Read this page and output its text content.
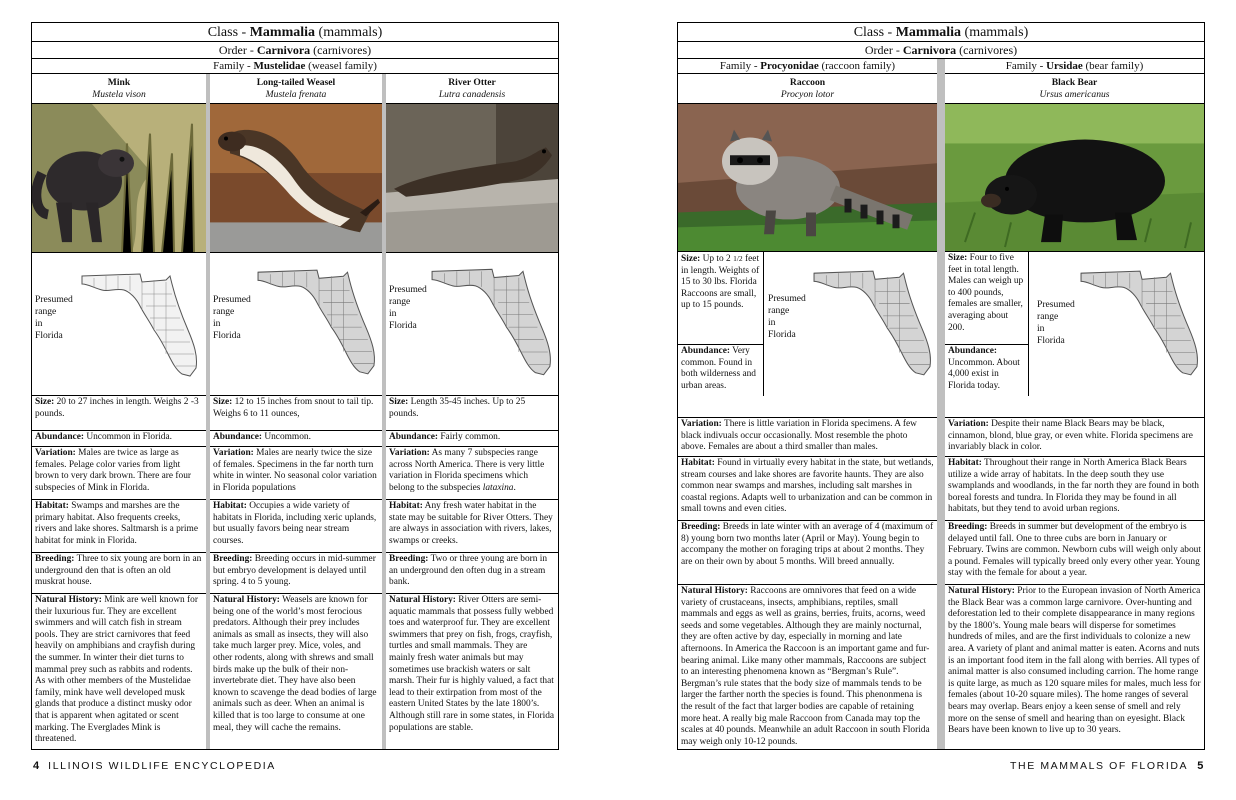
Class - Mammalia (mammals)
Order - Carnivora (carnivores)
Family - Mustelidae (weasel family)
Mink
Mustela vison
Presumed
range
in
Florida
Size: 20 to 27 inches in length. Weighs 2 -3 pounds.
Abundance: Uncommon in Florida.
Variation: Males are twice as large as females. Pelage color varies from light brown to very dark brown. There are four subspecies of Mink in Florida.
Habitat: Swamps and marshes are the primary habitat. Also frequents creeks, rivers and lake shores. Saltmarsh is a prime habitat for mink in Florida.
Breeding: Three to six young are born in an underground den that is often an old muskrat house.
Natural History: Mink are well known for their luxurious fur. They are excellent swimmers and will catch fish in stream pools. They are strict carnivores that feed heavily on amphibians and crayfish during the summer. In winter their diet turns to mammal prey such as rabbits and rodents. As with other members of the Mustelidae family, mink have well developed musk glands that produce a distinct musky odor that is apparent when agitated or scent marking. The Everglades Mink is threatened.
Long-tailed Weasel
Mustela frenata
Presumed
range
in
Florida
Size: 12 to 15 inches from snout to tail tip. Weighs 6 to 11 ounces,
Abundance: Uncommon.
Variation: Males are nearly twice the size of females. Specimens in the far north turn white in winter. No seasonal color variation in Florida populations
Habitat: Occupies a wide variety of habitats in Florida, including xeric uplands, but usually favors being near stream courses.
Breeding: Breeding occurs in mid-summer but embryo development is delayed until spring. 4 to 5 young.
Natural History: Weasels are known for being one of the world’s most ferocious predators. Although their prey includes animals as small as insects, they will also take much larger prey. Mice, voles, and other rodents, along with shrews and small birds make up the bulk of their non-invertebrate diet. They have also been known to scavenge the dead bodies of large animals such as deer. When an animal is killed that is too large to consume at one meal, they will cache the remains.
River Otter
Lutra canadensis
Presumed
range
in
Florida
Size: Length 35-45 inches. Up to 25 pounds.
Abundance: Fairly common.
Variation: As many 7 subspecies range across North America. There is very little variation in Florida specimens which belong to the subspecies lataxina.
Habitat: Any fresh water habitat in the state may be suitable for River Otters. They are always in association with rivers, lakes, swamps or creeks.
Breeding: Two or three young are born in an underground den often dug in a stream bank.
Natural History: River Otters are semi-aquatic mammals that possess fully webbed toes and waterproof fur. They are excellent swimmers that prey on fish, frogs, crayfish, turtles and small mammals. They are mainly fresh water animals but may sometimes use brackish waters or salt marsh. Their fur is highly valued, a fact that lead to their extirpation from most of the eastern United States by the late 1800’s. Although still rare in some states, in Florida populations are stable.
4 ILLINOIS WILDLIFE ENCYCLOPEDIA
Class - Mammalia (mammals)
Order - Carnivora (carnivores)
Family - Procyonidae (raccoon family)
Raccoon
Procyon lotor
Size: Up to 2 1/2 feet in length. Weights of 15 to 30 lbs. Florida Raccoons are small, up to 15 pounds.
Abundance: Very common. Found in both wilderness and urban areas.
Presumed
range
in
Florida
Variation: There is little variation in Florida specimens. A few black indivuals occur occasionally. Most resemble the photo above. Females are about a third smaller than males.
Habitat: Found in virtually every habitat in the state, but wetlands, stream courses and lake shores are favorite haunts. They are also common near swamps and marshes, including salt marshes in coastal regions. Adapts well to urbanization and can be common in small towns and even cities.
Breeding: Breeds in late winter with an average of 4 (maximum of 8) young born two months later (April or May). Young begin to accompany the mother on foraging trips at about 2 months. They are on their own by about 5 months. Will breed annually.
Natural History: Raccoons are omnivores that feed on a wide variety of crustaceans, insects, amphibians, reptiles, small mammals and eggs as well as grains, berries, fruits, acorns, weed seeds and some vegetables. Although they are mainly nocturnal, they are often active by day, especially in morning and late afternoons. In America the Raccoon is an important game and fur-bearing animal. Like many other mammals, Raccoons are subject to an interesting phenomena known as “Bergman’s Rule”. Bergman’s rule states that the body size of mammals tends to be larger the farther north the species is found. This phenonmena is the result of the fact that larger bodies are capable of retaining more heat. A really big male Raccoon from Canada may top the scales at 40 pounds. Meanwhile an adult Raccoon in south Florida may weigh only 10-12 pounds.
Family - Ursidae (bear family)
Black Bear
Ursus americanus
Size: Four to five feet in total length. Males can weigh up to 400 pounds, females are smaller, averaging about 200.
Abundance: Uncommon. About 4,000 exist in Florida today.
Presumed
range
in
Florida
Variation: Despite their name Black Bears may be black, cinnamon, blond, blue gray, or even white. Florida specimens are invariably black in color.
Habitat: Throughout their range in North America Black Bears utilize a wide array of habitats. In the deep south they use swamplands and woodlands, in the far north they are found in both boreal forests and tundra. In Florida they may be found in all habitats, but they tend to avoid urban regions.
Breeding: Breeds in summer but development of the embryo is delayed until fall. One to three cubs are born in January or February. Twins are common. Newborn cubs will weigh only about a pound. Females will typically breed only every other year. Young stay with the female for about a year.
Natural History: Prior to the European invasion of North America the Black Bear was a common large carnivore. Over-hunting and deforestation led to their complete disappearance in many regions by the 1800’s. Young male bears will disperse for sometimes hundreds of miles, and are the first individuals to colonize a new area. A variety of plant and animal matter is eaten. Acorns and nuts is an important food item in the fall along with berries. All types of animal matter is also consumed including carrion. The home range is quite large, as much as 120 square miles for males, much less for females (about 10-20 square miles). The home ranges of several bears may overlap. Bears enjoy a keen sense of smell and rely more on the sense of smell and hearing than on eyesight. Black Bears have been known to live up to 30 years.
THE MAMMALS OF FLORIDA 5
